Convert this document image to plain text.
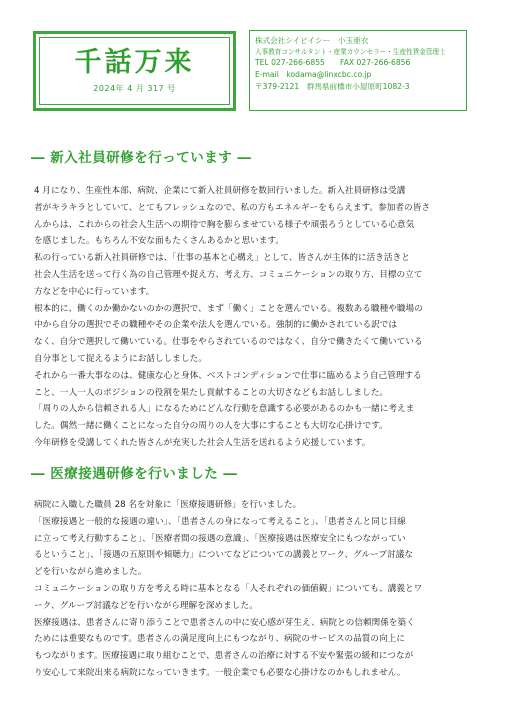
千話万来
2024年 4 月 317 号
株式会社シイピイシー　小玉亜衣
人事教育コンサルタント・産業カウンセラー・生産性賃金管理士
TEL 027-266-6855　　FAX 027-266-6856
E-mail　kodama@linxcbc.co.jp
〒379-2121　群馬県前橋市小屋原町1082-3
― 新入社員研修を行っています ―
4 月になり、生産性本部、病院、企業にて新入社員研修を数回行いました。新入社員研修は受講
者がキラキラとしていて、とてもフレッシュなので、私の方もエネルギーをもらえます。参加者の皆さ
んからは、これからの社会人生活への期待で胸を膨らませている様子や頑張ろうとしている心意気
を感じました。もちろん不安な面もたくさんあるかと思います。
私の行っている新入社員研修では、「仕事の基本と心構え」として、皆さんが主体的に活き活きと
社会人生活を送って行く為の自己管理や捉え方、考え方、コミュニケーションの取り方、目標の立て
方などを中心に行っています。
根本的に、働くのか働かないのかの選択で、まず「働く」ことを選んでいる。複数ある職種や職場の
中から自分の選択でその職種やその企業や法人を選んでいる。強制的に働かされている訳では
なく、自分で選択して働いている。仕事をやらされているのではなく、自分で働きたくて働いている
自分事として捉えるようにお話ししました。
それから一番大事なのは、健康な心と身体、ベストコンディションで仕事に臨めるよう自己管理する
こと、一人一人のポジションの役割を果たし貢献することの大切さなどもお話ししました。
「周りの人から信頼される人」になるためにどんな行動を意識する必要があるのかも一緒に考えま
した。偶然一緒に働くことになった自分の周りの人を大事にすることも大切な心掛けです。
今年研修を受講してくれた皆さんが充実した社会人生活を送れるよう応援しています。
― 医療接遇研修を行いました ―
病院に入職した職員 28 名を対象に「医療接遇研修」を行いました。
「医療接遇と一般的な接遇の違い」、「患者さんの身になって考えること」、「患者さんと同じ目線
に立って考え行動すること」、「医療者間の接遇の意識」、「医療接遇は医療安全にもつながってい
るということ」、「接遇の五原則や傾聴力」についてなどについての講義とワーク、グループ討議な
どを行いながら進めました。
コミュニケーションの取り方を考える時に基本となる「人それぞれの価値観」についても、講義とワ
ーク、グループ討議などを行いながら理解を深めました。
医療接遇は、患者さんに寄り添うことで患者さんの中に安心感が芽生え、病院との信頼関係を築く
ためには重要なものです。患者さんの満足度向上にもつながり、病院のサービスの品質の向上に
もつながります。医療接遇に取り組むことで、患者さんの治療に対する不安や緊張の緩和につなが
り安心して来院出来る病院になっていきます。一般企業でも必要な心掛けなのかもしれません。
